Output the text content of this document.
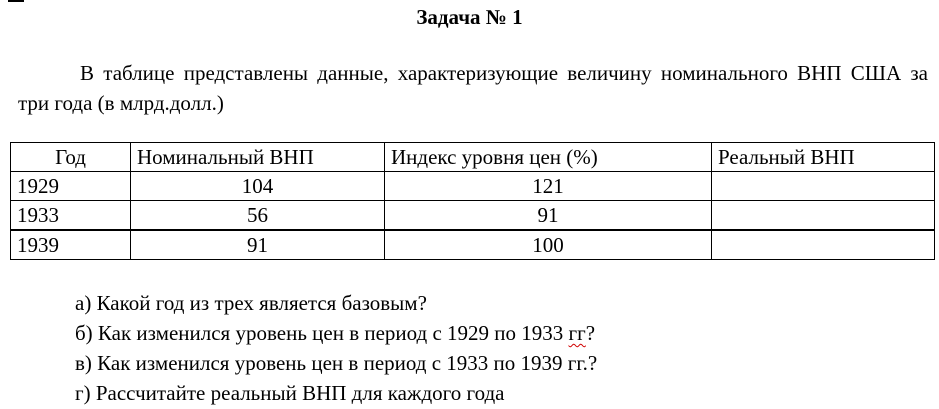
Задача № 1
В таблице представлены данные, характеризующие величину номинального ВНП США за три года (в млрд.долл.)
Год	Номинальный ВНП	Индекс уровня цен (%)	Реальный ВНП
1929	104	121	
1933	56	91	
1939	91	100	
а) Какой год из трех является базовым?
б) Как изменился уровень цен в период с 1929 по 1933 гг?
в) Как изменился уровень цен в период с 1933 по 1939 гг.?
г) Рассчитайте реальный ВНП для каждого года
